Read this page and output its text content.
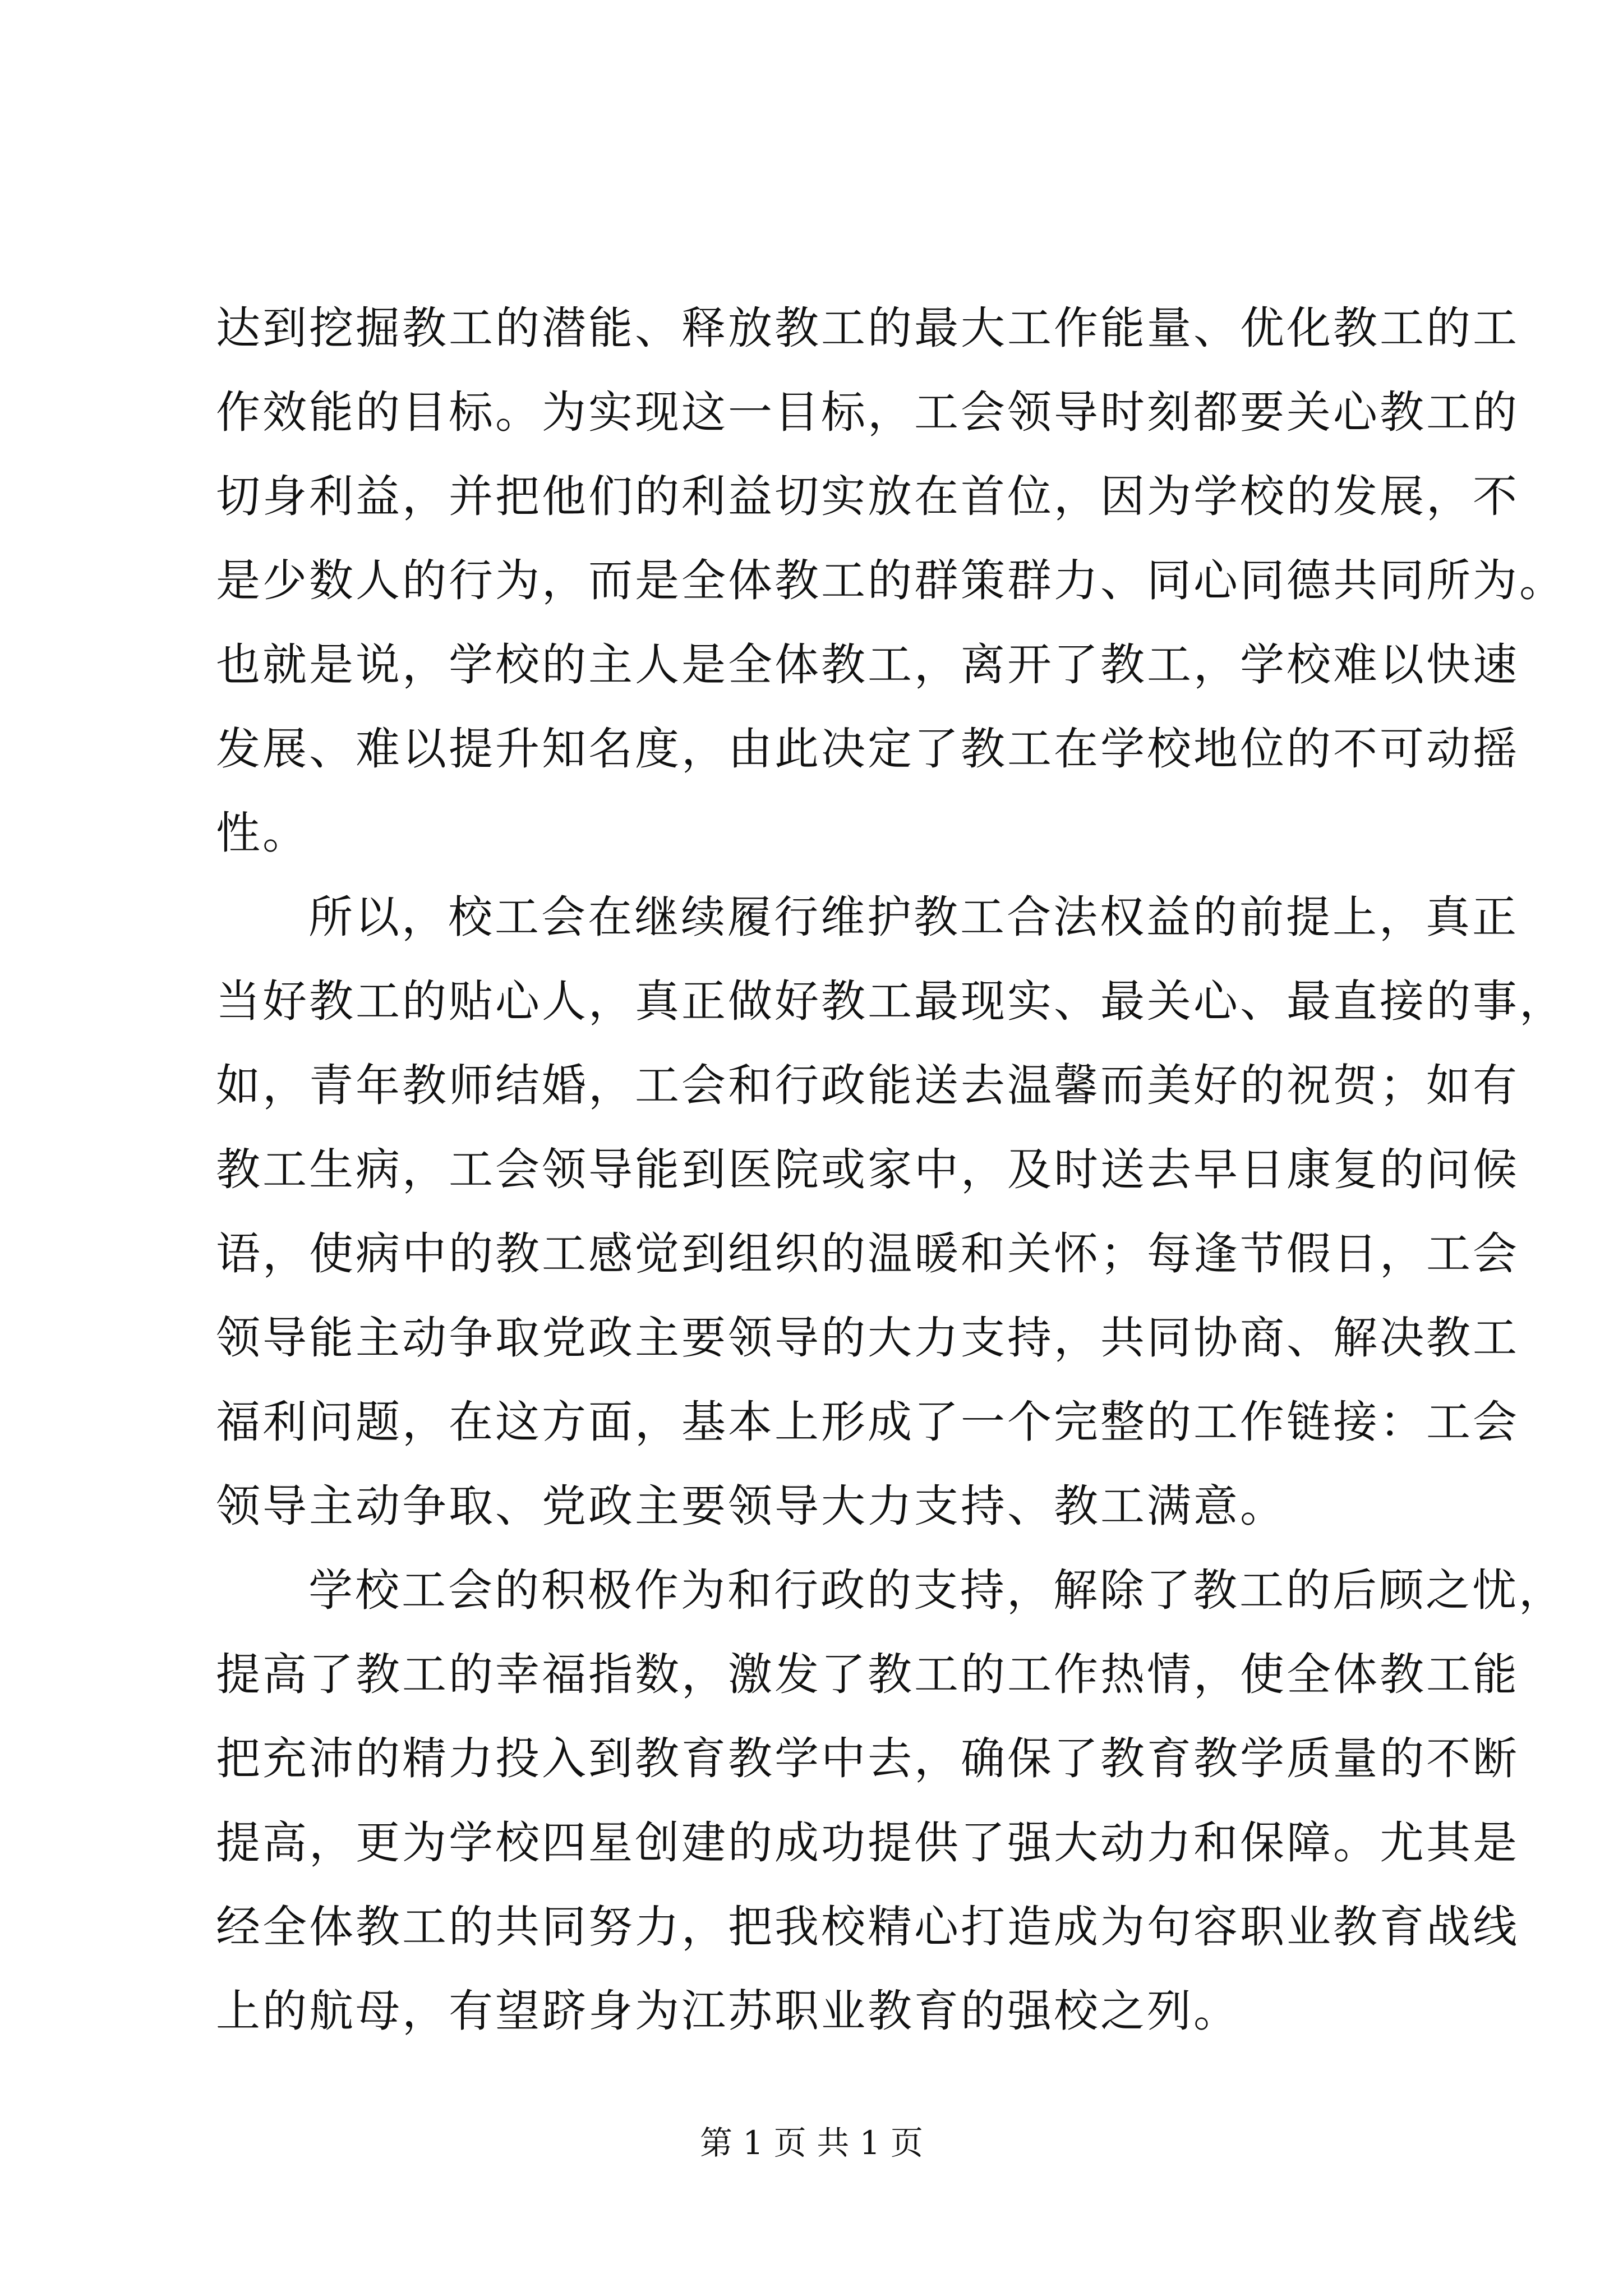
达到挖掘教工的潜能、释放教工的最大工作能量、优化教工的工
作效能的目标。为实现这一目标，工会领导时刻都要关心教工的
切身利益，并把他们的利益切实放在首位，因为学校的发展，不
是少数人的行为，而是全体教工的群策群力、同心同德共同所为。
也就是说，学校的主人是全体教工，离开了教工，学校难以快速
发展、难以提升知名度，由此决定了教工在学校地位的不可动摇
性。
所以，校工会在继续履行维护教工合法权益的前提上，真正
当好教工的贴心人，真正做好教工最现实、最关心、最直接的事，
如，青年教师结婚，工会和行政能送去温馨而美好的祝贺；如有
教工生病，工会领导能到医院或家中，及时送去早日康复的问候
语，使病中的教工感觉到组织的温暖和关怀；每逢节假日，工会
领导能主动争取党政主要领导的大力支持，共同协商、解决教工
福利问题，在这方面，基本上形成了一个完整的工作链接：工会
领导主动争取、党政主要领导大力支持、教工满意。
学校工会的积极作为和行政的支持，解除了教工的后顾之忧，
提高了教工的幸福指数，激发了教工的工作热情，使全体教工能
把充沛的精力投入到教育教学中去，确保了教育教学质量的不断
提高，更为学校四星创建的成功提供了强大动力和保障。尤其是
经全体教工的共同努力，把我校精心打造成为句容职业教育战线
上的航母，有望跻身为江苏职业教育的强校之列。
第 1 页 共 1 页
